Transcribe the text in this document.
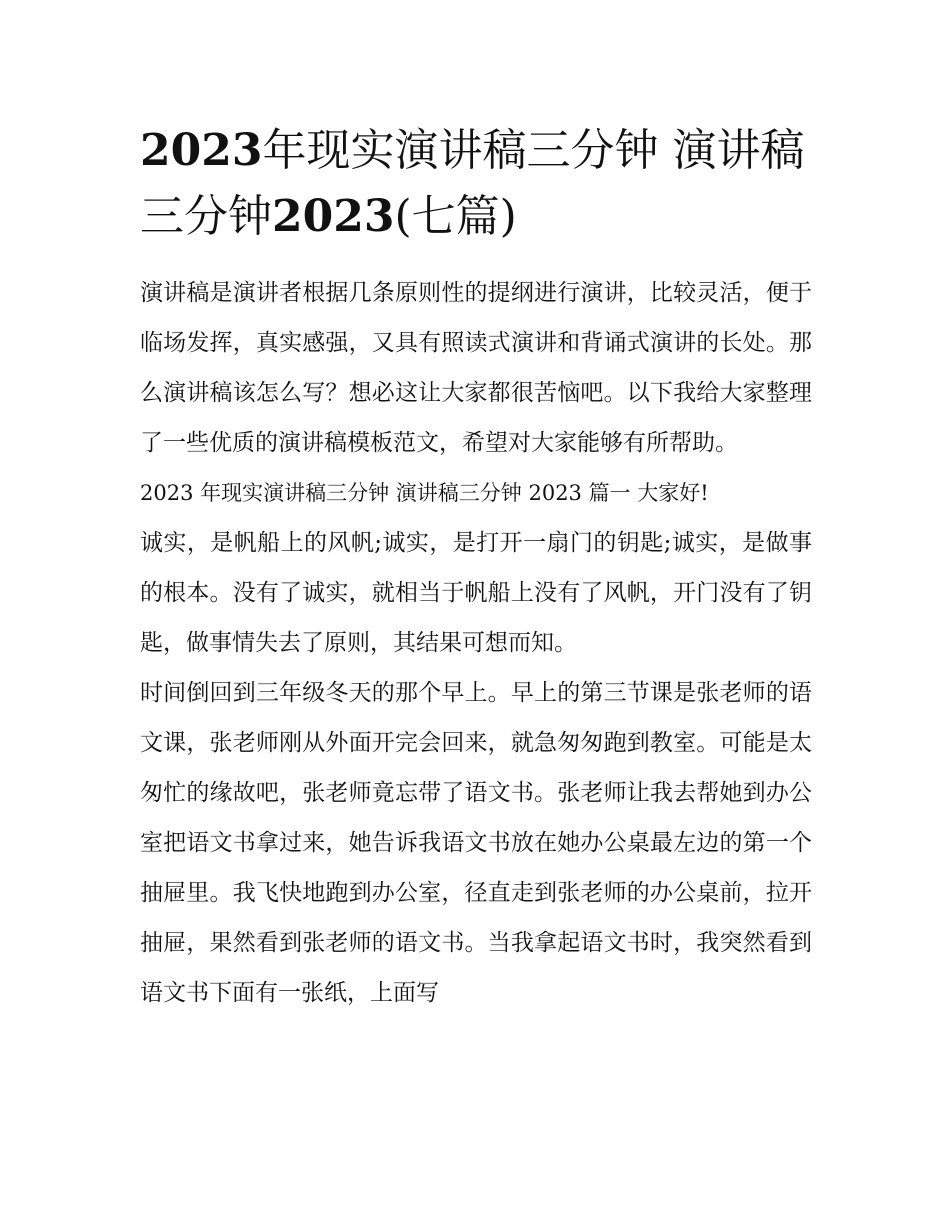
2023年现实演讲稿三分钟 演讲稿三分钟2023(七篇)

演讲稿是演讲者根据几条原则性的提纲进行演讲，比较灵活，便于临场发挥，真实感强，又具有照读式演讲和背诵式演讲的长处。那么演讲稿该怎么写？想必这让大家都很苦恼吧。以下我给大家整理了一些优质的演讲稿模板范文，希望对大家能够有所帮助。

2023 年现实演讲稿三分钟 演讲稿三分钟 2023 篇一 大家好!

诚实，是帆船上的风帆;诚实，是打开一扇门的钥匙;诚实，是做事的根本。没有了诚实，就相当于帆船上没有了风帆，开门没有了钥匙，做事情失去了原则，其结果可想而知。

时间倒回到三年级冬天的那个早上。早上的第三节课是张老师的语文课，张老师刚从外面开完会回来，就急匆匆跑到教室。可能是太匆忙的缘故吧，张老师竟忘带了语文书。张老师让我去帮她到办公室把语文书拿过来，她告诉我语文书放在她办公桌最左边的第一个抽屉里。我飞快地跑到办公室，径直走到张老师的办公桌前，拉开抽屉，果然看到张老师的语文书。当我拿起语文书时，我突然看到语文书下面有一张纸，上面写
